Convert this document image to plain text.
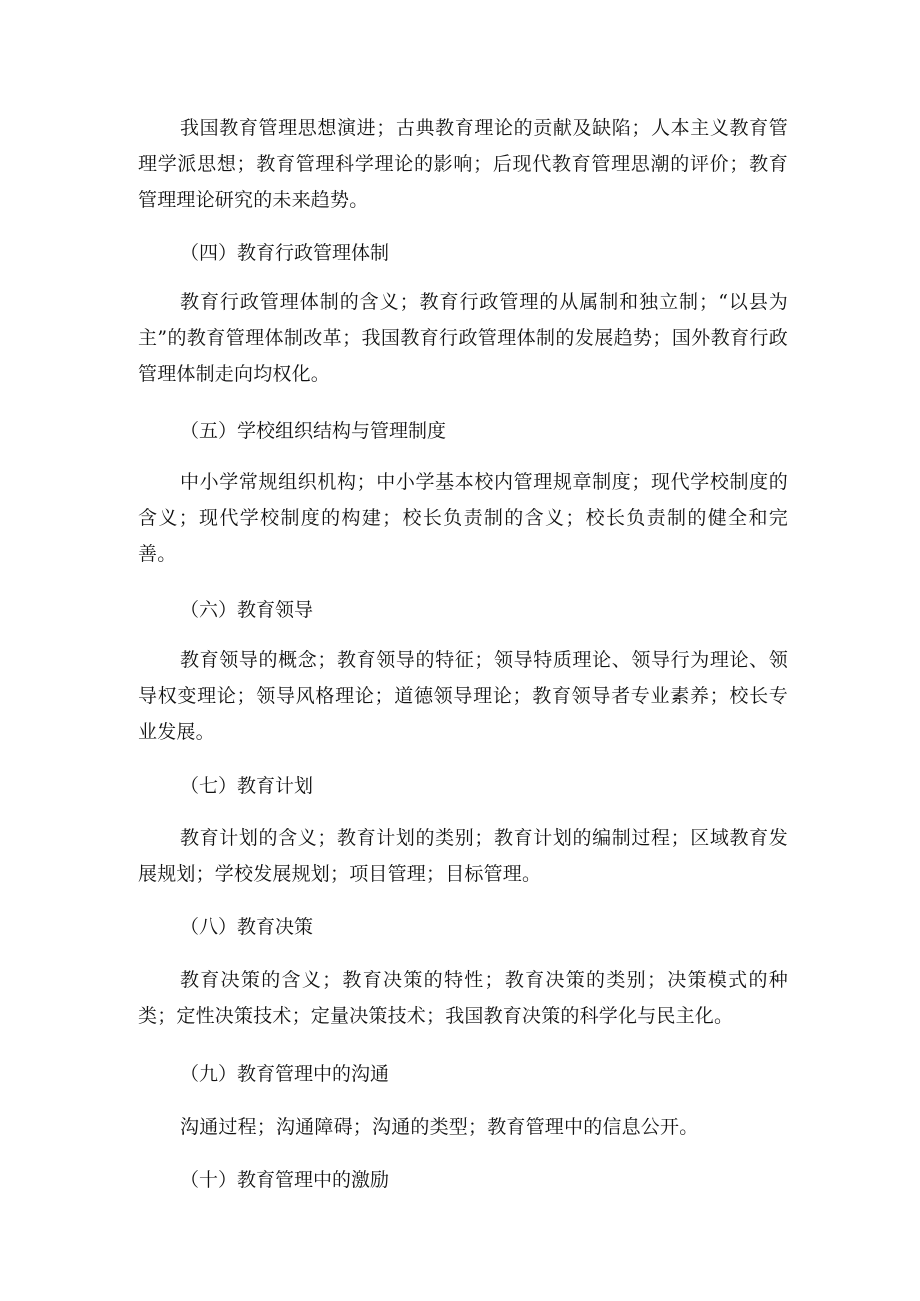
我国教育管理思想演进；古典教育理论的贡献及缺陷；人本主义教育管理学派思想；教育管理科学理论的影响；后现代教育管理思潮的评价；教育管理理论研究的未来趋势。

（四）教育行政管理体制

教育行政管理体制的含义；教育行政管理的从属制和独立制；“以县为主”的教育管理体制改革；我国教育行政管理体制的发展趋势；国外教育行政管理体制走向均权化。

（五）学校组织结构与管理制度

中小学常规组织机构；中小学基本校内管理规章制度；现代学校制度的含义；现代学校制度的构建；校长负责制的含义；校长负责制的健全和完善。

（六）教育领导

教育领导的概念；教育领导的特征；领导特质理论、领导行为理论、领导权变理论；领导风格理论；道德领导理论；教育领导者专业素养；校长专业发展。

（七）教育计划

教育计划的含义；教育计划的类别；教育计划的编制过程；区域教育发展规划；学校发展规划；项目管理；目标管理。

（八）教育决策

教育决策的含义；教育决策的特性；教育决策的类别；决策模式的种类；定性决策技术；定量决策技术；我国教育决策的科学化与民主化。

（九）教育管理中的沟通

沟通过程；沟通障碍；沟通的类型；教育管理中的信息公开。

（十）教育管理中的激励
